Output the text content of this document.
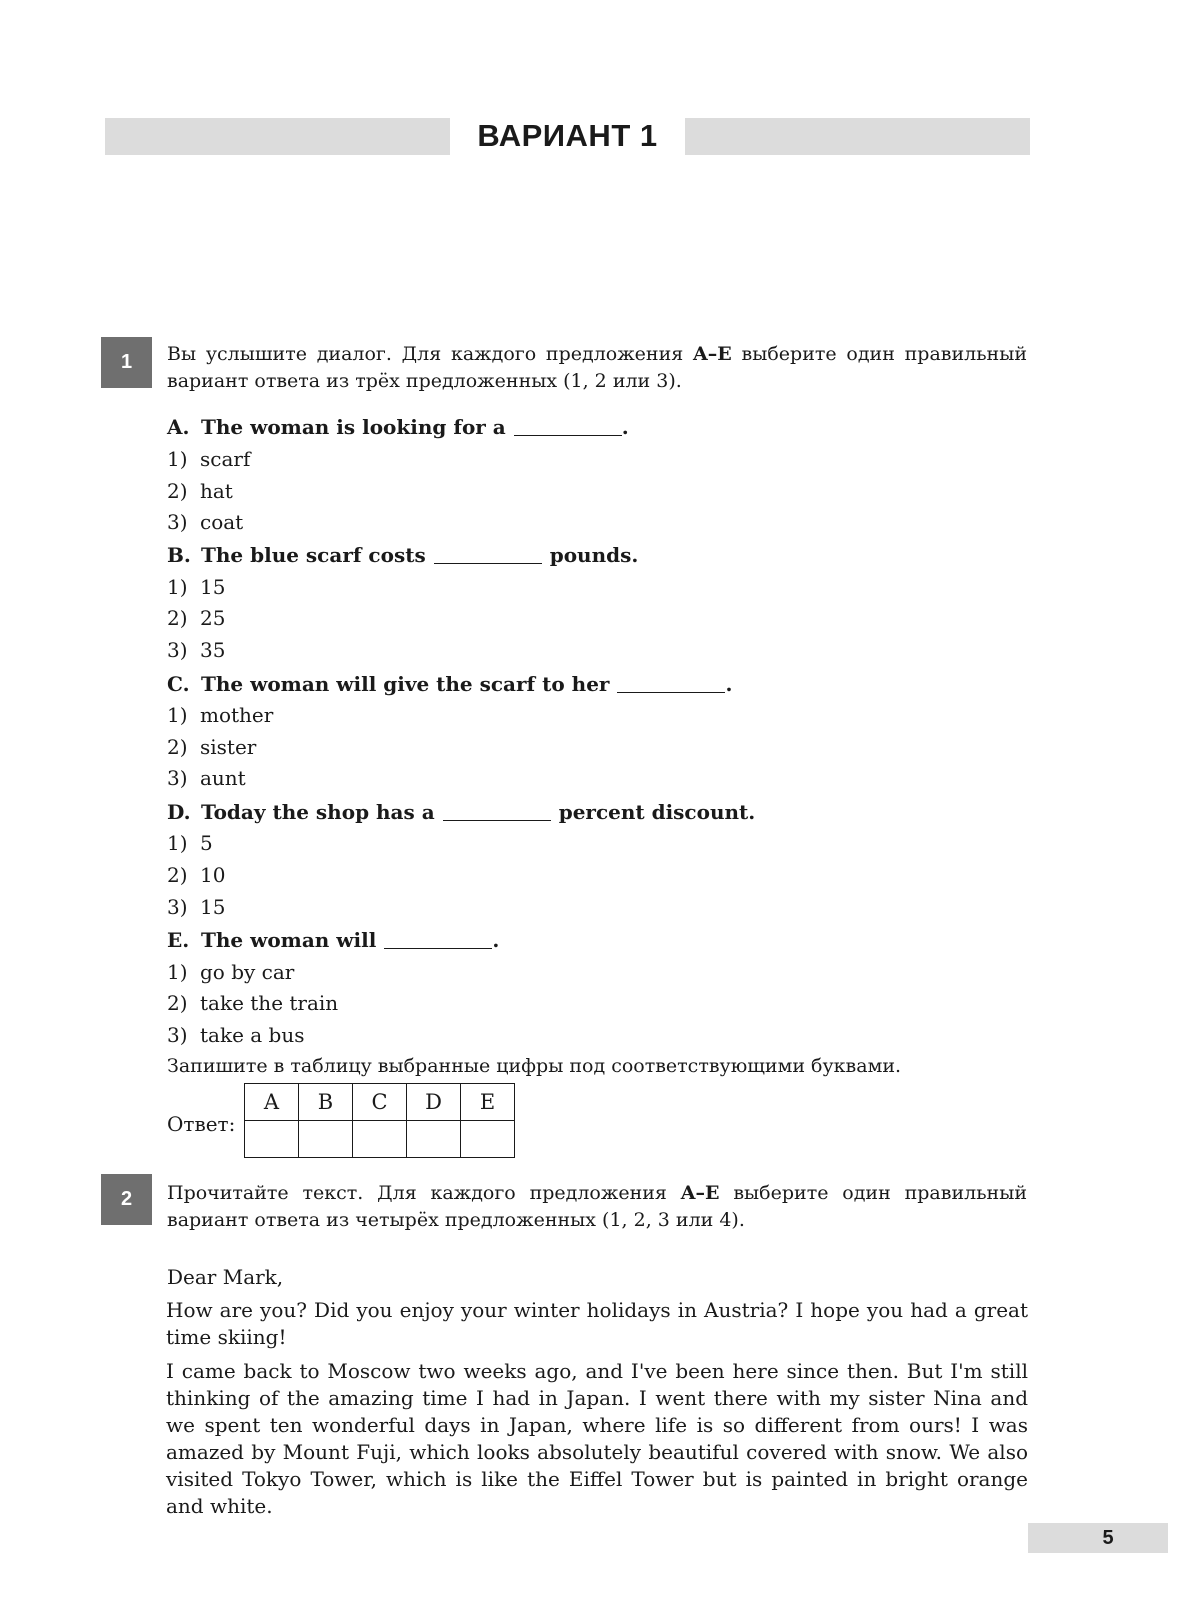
ВАРИАНТ 1
1	Вы услышите диалог. Для каждого предложения A–E выберите один правильный вариант ответа из трёх предложенных (1, 2 или 3).
A. The woman is looking for a	.
1) scarf
2) hat
3) coat
B. The blue scarf costs	pounds.
1) 15
2) 25
3) 35
C. The woman will give the scarf to her	.
1) mother
2) sister
3) aunt
D. Today the shop has a	percent discount.
1) 5
2) 10
3) 15
E. The woman will	.
1) go by car
2) take the train
3) take a bus
Запишите в таблицу выбранные цифры под соответствующими буквами.
Ответ:
A	B	C	D	E

2	Прочитайте текст. Для каждого предложения A–E выберите один правильный вариант ответа из четырёх предложенных (1, 2, 3 или 4).
Dear Mark,
How are you? Did you enjoy your winter holidays in Austria? I hope you had a great time skiing!
I came back to Moscow two weeks ago, and I've been here since then. But I'm still thinking of the amazing time I had in Japan. I went there with my sister Nina and we spent ten wonderful days in Japan, where life is so different from ours! I was amazed by Mount Fuji, which looks absolutely beautiful covered with snow. We also visited Tokyo Tower, which is like the Eiffel Tower but is painted in bright orange and white.
5
